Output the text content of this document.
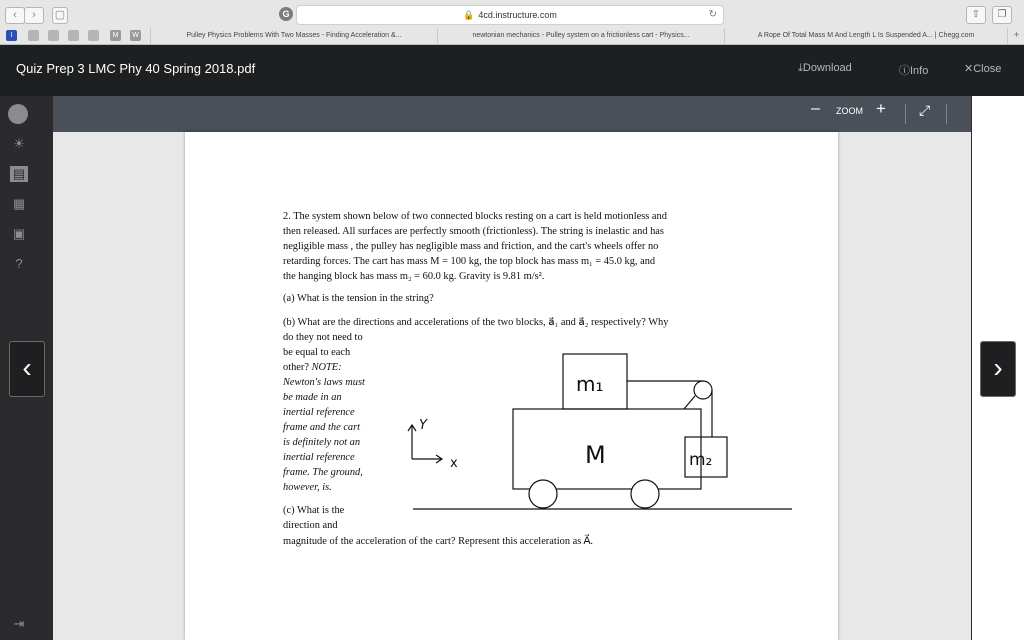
‹	›	▢	G	🔒 4cd.instructure.com	↻	⇧	❐
I	M	W	Pulley Physics Problems With Two Masses - Finding Acceleration &...	newtonian mechanics - Pulley system on a frictionless cart - Physics...	A Rope Of Total Mass M And Length L Is Suspended A... | Chegg.com	+
Quiz Prep 3 LMC Phy 40 Spring 2018.pdf	⤓Download	ⓘInfo	✕Close
☀
▤
▦
▣
?
⇥
– ZOOM + ⤢
2. The system shown below of two connected blocks resting on a cart is held motionless and
then released. All surfaces are perfectly smooth (frictionless). The string is inelastic and has
negligible mass , the pulley has negligible mass and friction, and the cart's wheels offer no
retarding forces. The cart has mass M = 100 kg, the top block has mass m₁ = 45.0 kg, and
the hanging block has mass m₂ = 60.0 kg. Gravity is 9.81 m/s².
(a) What is the tension in the string?
(b) What are the directions and accelerations of the two blocks, a⃗₁ and a⃗₂ respectively? Why
do they not need to
be equal to each
other? NOTE:
Newton's laws must
be made in an
inertial reference
frame and the cart
is definitely not an
inertial reference
frame. The ground,
however, is.
(c) What is the
direction and
magnitude of the acceleration of the cart? Represent this acceleration as A⃗.
m₁
M	m₂
Y
x
‹	›
